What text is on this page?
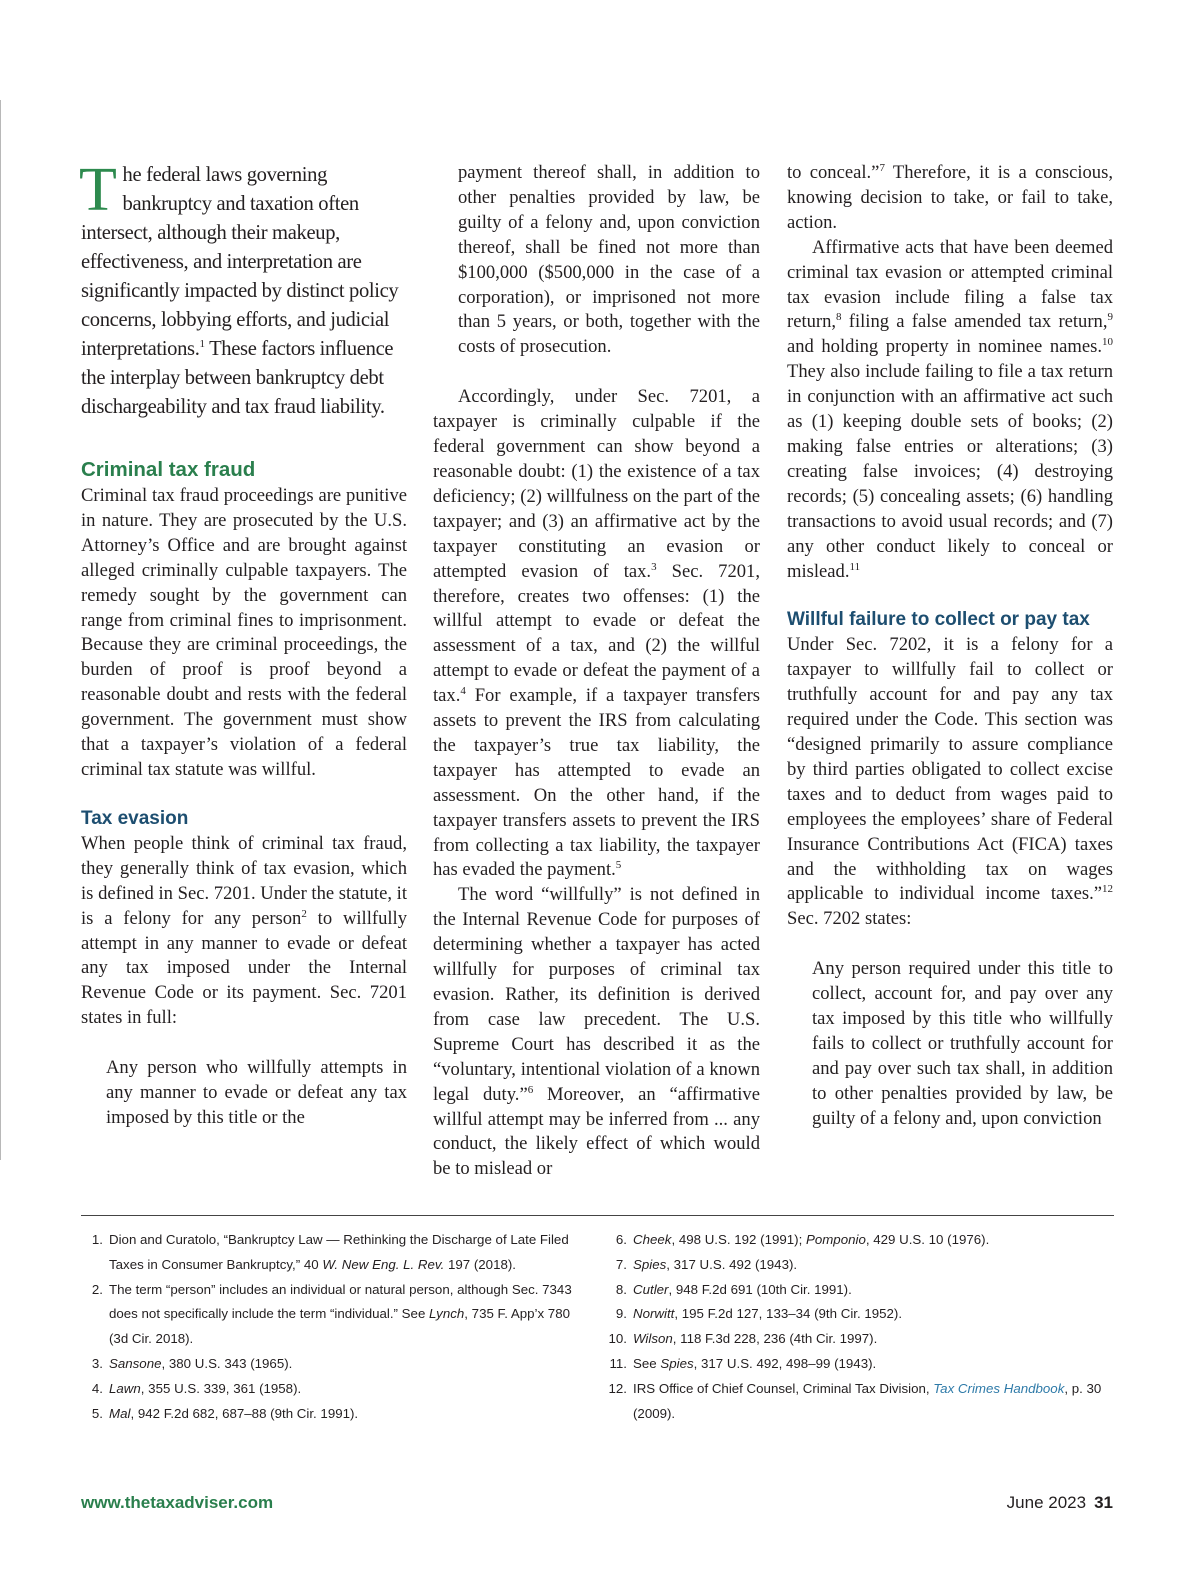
The federal laws governing bankruptcy and taxation often intersect, although their makeup, effectiveness, and interpretation are significantly impacted by distinct policy concerns, lobbying efforts, and judicial interpretations.$^1$ These factors influence the interplay between bankruptcy debt dischargeability and tax fraud liability.

Criminal tax fraud

Criminal tax fraud proceedings are punitive in nature. They are prosecuted by the U.S. Attorney’s Office and are brought against alleged criminally culpable taxpayers. The remedy sought by the government can range from criminal fines to imprisonment. Because they are criminal proceedings, the burden of proof is proof beyond a reasonable doubt and rests with the federal government. The government must show that a taxpayer’s violation of a federal criminal tax statute was willful.

Tax evasion

When people think of criminal tax fraud, they generally think of tax evasion, which is defined in Sec. 7201. Under the statute, it is a felony for any person$^2$ to willfully attempt in any manner to evade or defeat any tax imposed under the Internal Revenue Code or its payment. Sec. 7201 states in full:

Any person who willfully attempts in any manner to evade or defeat any tax imposed by this title or the

payment thereof shall, in addition to other penalties provided by law, be guilty of a felony and, upon conviction thereof, shall be fined not more than $100,000 ($500,000 in the case of a corporation), or imprisoned not more than 5 years, or both, together with the costs of prosecution.

Accordingly, under Sec. 7201, a taxpayer is criminally culpable if the federal government can show beyond a reasonable doubt: (1) the existence of a tax deficiency; (2) willfulness on the part of the taxpayer; and (3) an affirmative act by the taxpayer constituting an evasion or attempted evasion of tax.$^3$ Sec. 7201, therefore, creates two offenses: (1) the willful attempt to evade or defeat the assessment of a tax, and (2) the willful attempt to evade or defeat the payment of a tax.$^4$ For example, if a taxpayer transfers assets to prevent the IRS from calculating the taxpayer’s true tax liability, the taxpayer has attempted to evade an assessment. On the other hand, if the taxpayer transfers assets to prevent the IRS from collecting a tax liability, the taxpayer has evaded the payment.$^5$

The word “willfully” is not defined in the Internal Revenue Code for purposes of determining whether a taxpayer has acted willfully for purposes of criminal tax evasion. Rather, its definition is derived from case law precedent. The U.S. Supreme Court has described it as the “voluntary, intentional violation of a known legal duty.”$^6$ Moreover, an “affirmative willful attempt may be inferred from ... any conduct, the likely effect of which would be to mislead or

to conceal.”$^7$ Therefore, it is a conscious, knowing decision to take, or fail to take, action.

Affirmative acts that have been deemed criminal tax evasion or attempted criminal tax evasion include filing a false tax return,$^8$ filing a false amended tax return,$^9$ and holding property in nominee names.$^{10}$ They also include failing to file a tax return in conjunction with an affirmative act such as (1) keeping double sets of books; (2) making false entries or alterations; (3) creating false invoices; (4) destroying records; (5) concealing assets; (6) handling transactions to avoid usual records; and (7) any other conduct likely to conceal or mislead.$^{11}$

Willful failure to collect or pay tax

Under Sec. 7202, it is a felony for a taxpayer to willfully fail to collect or truthfully account for and pay any tax required under the Code. This section was “designed primarily to assure compliance by third parties obligated to collect excise taxes and to deduct from wages paid to employees the employees’ share of Federal Insurance Contributions Act (FICA) taxes and the withholding tax on wages applicable to individual income taxes.”$^{12}$ Sec. 7202 states:

Any person required under this title to collect, account for, and pay over any tax imposed by this title who willfully fails to collect or truthfully account for and pay over such tax shall, in addition to other penalties provided by law, be guilty of a felony and, upon conviction

1. Dion and Curatolo, “Bankruptcy Law — Rethinking the Discharge of Late Filed Taxes in Consumer Bankruptcy,” 40 W. New Eng. L. Rev. 197 (2018).
2. The term “person” includes an individual or natural person, although Sec. 7343 does not specifically include the term “individual.” See Lynch, 735 F. App’x 780 (3d Cir. 2018).
3. Sansone, 380 U.S. 343 (1965).
4. Lawn, 355 U.S. 339, 361 (1958).
5. Mal, 942 F.2d 682, 687–88 (9th Cir. 1991).
6. Cheek, 498 U.S. 192 (1991); Pomponio, 429 U.S. 10 (1976).
7. Spies, 317 U.S. 492 (1943).
8. Cutler, 948 F.2d 691 (10th Cir. 1991).
9. Norwitt, 195 F.2d 127, 133–34 (9th Cir. 1952).
10. Wilson, 118 F.3d 228, 236 (4th Cir. 1997).
11. See Spies, 317 U.S. 492, 498–99 (1943).
12. IRS Office of Chief Counsel, Criminal Tax Division, Tax Crimes Handbook, p. 30 (2009).
www.thetaxadviser.com	June 2023 31
